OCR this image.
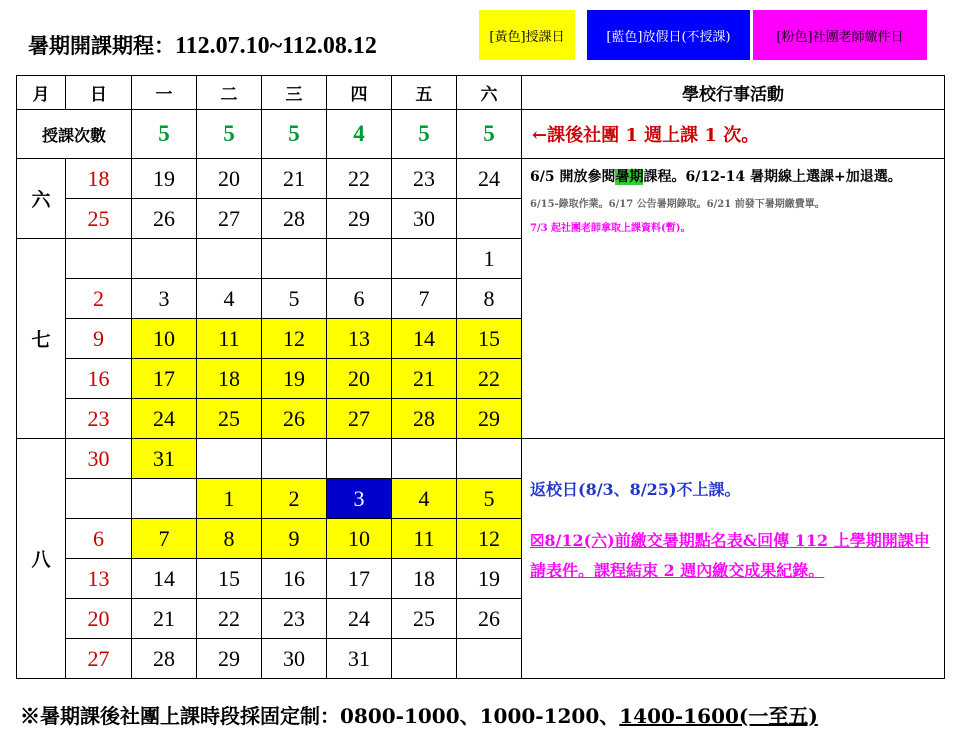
暑期開課期程：112.07.10~112.08.12	[黃色]授課日	[藍色]放假日(不授課)	[粉色]社團老師繳件日
月	日	一	二	三	四	五	六	學校行事活動
授課次數		5	5	5	4	5	5	←課後社團 1 週上課 1 次。
六	18	19	20	21	22	23	24	6/5 開放參閱暑期課程。6/12-14 暑期線上選課+加退選。
6/15-錄取作業。6/17 公告暑期錄取。6/21 前發下暑期繳費單。
7/3 起社團老師拿取上課資料(暫)。

	25	26	27	28	29	30		
七							1	
	2	3	4	5	6	7	8	
	9	10	11	12	13	14	15	
	16	17	18	19	20	21	22	
	23	24	25	26	27	28	29	
八	30	31						返校日(8/3、8/25)不上課。
☒8/12(六)前繳交暑期點名表&回傳 112 上學期開課申請表件。課程結束 2 週內繳交成果紀錄。

			1	2	3	4	5	
	6	7	8	9	10	11	12	
	13	14	15	16	17	18	19	
	20	21	22	23	24	25	26	
	27	28	29	30	31			
※暑期課後社團上課時段採固定制：0800-1000、1000-1200、1400-1600(一至五)
